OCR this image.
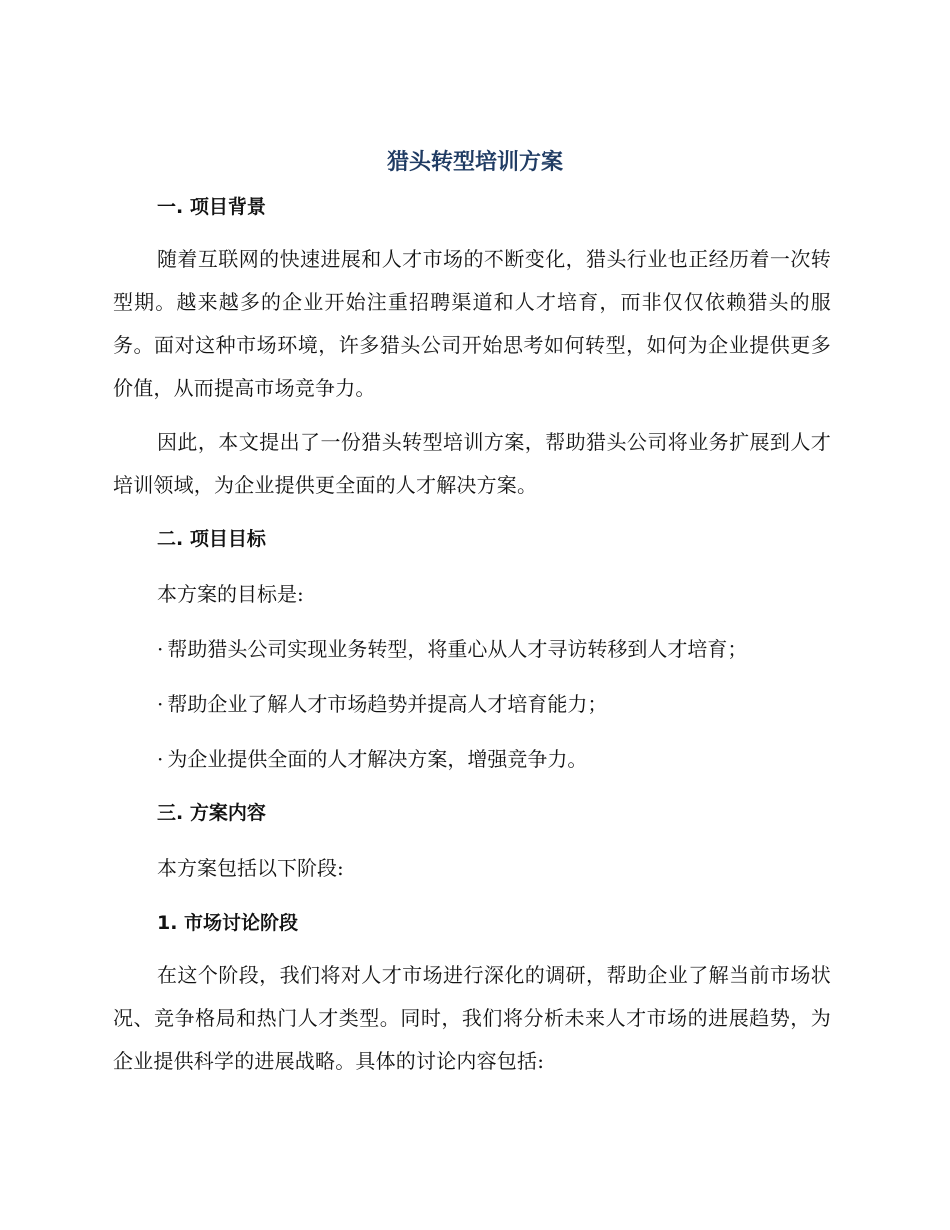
猎头转型培训方案
一. 项目背景

随着互联网的快速进展和人才市场的不断变化，猎头行业也正经历着一次转型期。越来越多的企业开始注重招聘渠道和人才培育，而非仅仅依赖猎头的服务。面对这种市场环境，许多猎头公司开始思考如何转型，如何为企业提供更多价值，从而提高市场竞争力。

因此，本文提出了一份猎头转型培训方案，帮助猎头公司将业务扩展到人才培训领域，为企业提供更全面的人才解决方案。

二. 项目目标

本方案的目标是:

· 帮助猎头公司实现业务转型，将重心从人才寻访转移到人才培育；

· 帮助企业了解人才市场趋势并提高人才培育能力；

· 为企业提供全面的人才解决方案，增强竞争力。

三. 方案内容

本方案包括以下阶段:

1. 市场讨论阶段

在这个阶段，我们将对人才市场进行深化的调研，帮助企业了解当前市场状况、竞争格局和热门人才类型。同时，我们将分析未来人才市场的进展趋势，为企业提供科学的进展战略。具体的讨论内容包括:
